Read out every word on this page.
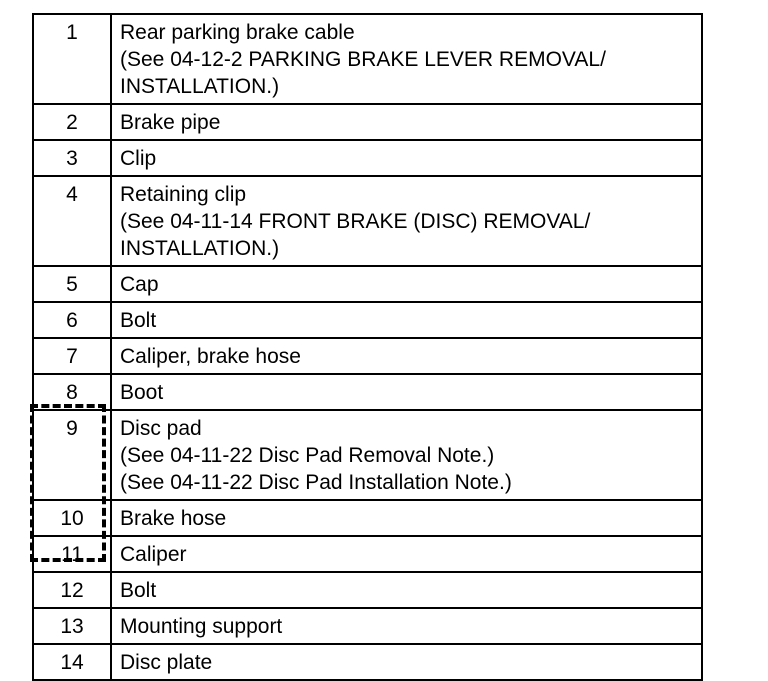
1	Rear parking brake cable
(See 04-12-2 PARKING BRAKE LEVER REMOVAL/
INSTALLATION.)

2	Brake pipe

3	Clip

4	Retaining clip
(See 04-11-14 FRONT BRAKE (DISC) REMOVAL/
INSTALLATION.)

5	Cap

6	Bolt

7	Caliper, brake hose

8	Boot

9	Disc pad
(See 04-11-22 Disc Pad Removal Note.)
(See 04-11-22 Disc Pad Installation Note.)

10	Brake hose

11	Caliper

12	Bolt

13	Mounting support

14	Disc plate
